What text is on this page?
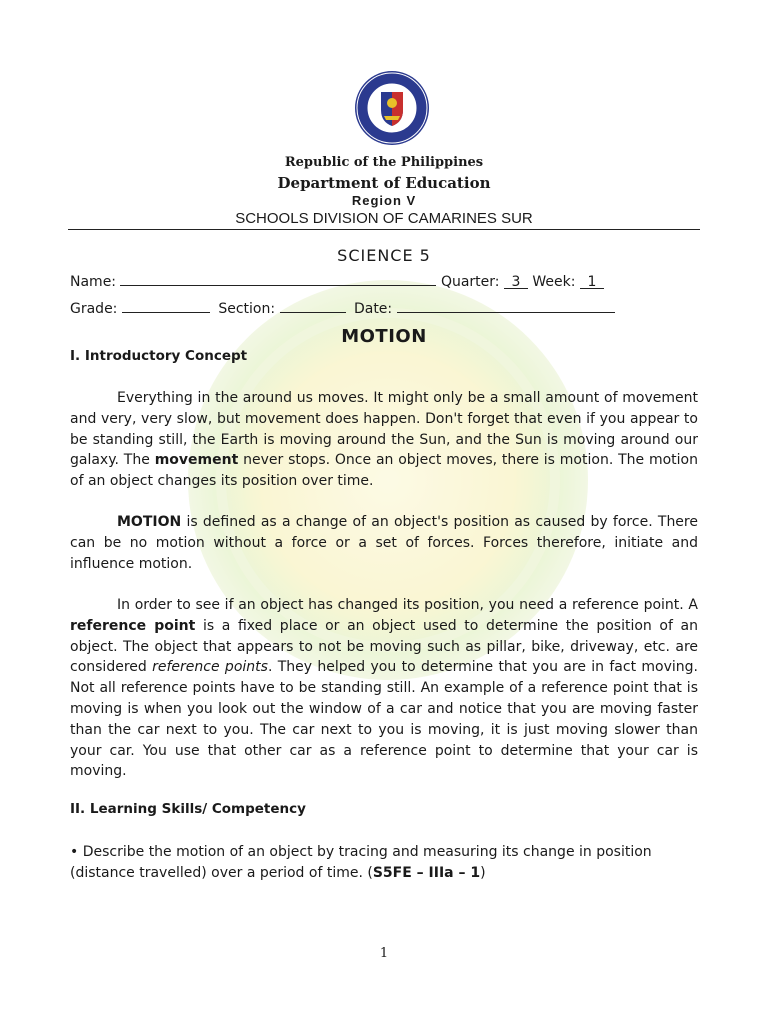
Republic of the Philippines

Department of Education

Region V

SCHOOLS DIVISION OF CAMARINES SUR

SCIENCE 5
Name:	Quarter: 3 Week: 1
Grade:	Section:	Date:
MOTION
I. Introductory Concept

Everything in the around us moves. It might only be a small amount of movement and very, very slow, but movement does happen. Don't forget that even if you appear to be standing still, the Earth is moving around the Sun, and the Sun is moving around our galaxy. The movement never stops. Once an object moves, there is motion. The motion of an object changes its position over time.

MOTION is defined as a change of an object's position as caused by force. There can be no motion without a force or a set of forces. Forces therefore, initiate and influence motion.

In order to see if an object has changed its position, you need a reference point. A reference point is a fixed place or an object used to determine the position of an object. The object that appears to not be moving such as pillar, bike, driveway, etc. are considered reference points. They helped you to determine that you are in fact moving. Not all reference points have to be standing still. An example of a reference point that is moving is when you look out the window of a car and notice that you are moving faster than the car next to you. The car next to you is moving, it is just moving slower than your car. You use that other car as a reference point to determine that your car is moving.

II. Learning Skills/ Competency

• Describe the motion of an object by tracing and measuring its change in position (distance travelled) over a period of time. (S5FE – IIIa – 1)

1
